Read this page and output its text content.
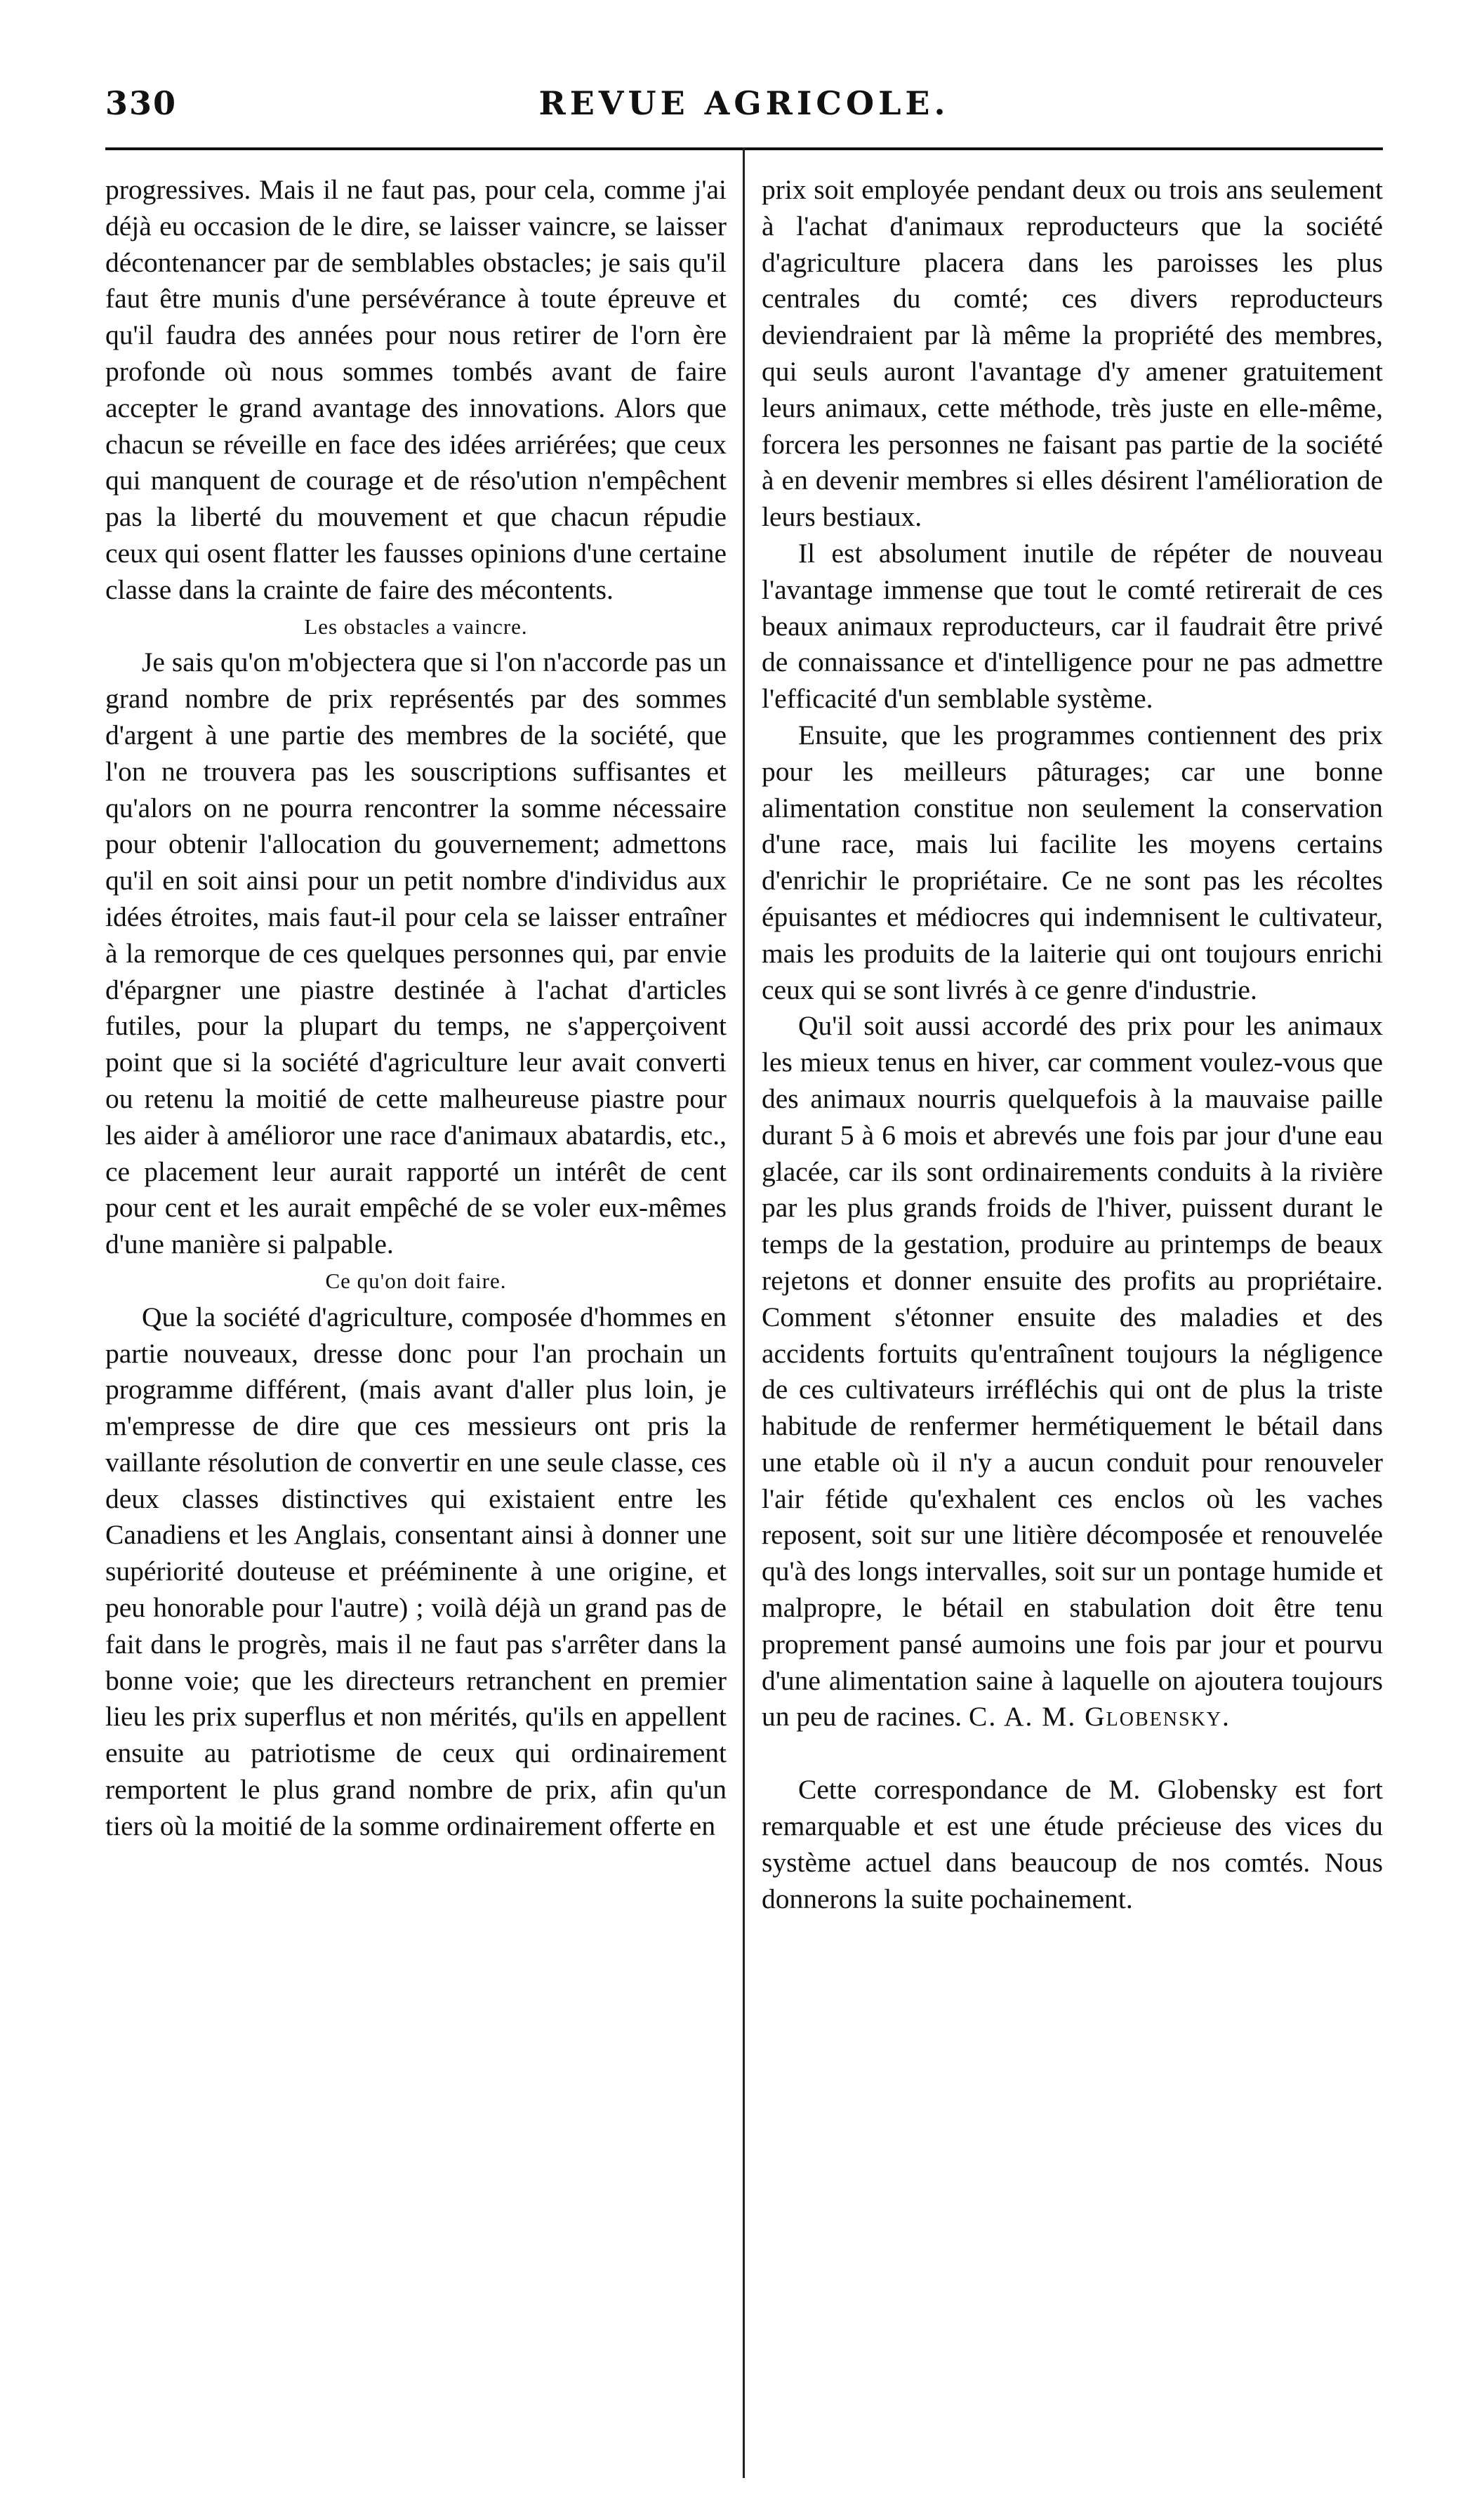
330	REVUE AGRICOLE.

progressives. Mais il ne faut pas, pour cela, comme j'ai déjà eu occasion de le dire, se laisser vaincre, se laisser décontenancer par de semblables obstacles; je sais qu'il faut être munis d'une persévérance à toute épreuve et qu'il faudra des années pour nous retirer de l'orn ère profonde où nous sommes tombés avant de faire accepter le grand avantage des innovations. Alors que chacun se réveille en face des idées arriérées; que ceux qui manquent de courage et de réso'ution n'empêchent pas la liberté du mouvement et que chacun répudie ceux qui osent flatter les fausses opinions d'une certaine classe dans la crainte de faire des mécontents.

Les obstacles a vaincre.

Je sais qu'on m'objectera que si l'on n'accorde pas un grand nombre de prix représentés par des sommes d'argent à une partie des membres de la société, que l'on ne trouvera pas les souscriptions suffisantes et qu'alors on ne pourra rencontrer la somme nécessaire pour obtenir l'allocation du gouvernement; admettons qu'il en soit ainsi pour un petit nombre d'individus aux idées étroites, mais faut-il pour cela se laisser entraîner à la remorque de ces quelques personnes qui, par envie d'épargner une piastre destinée à l'achat d'articles futiles, pour la plupart du temps, ne s'apperçoivent point que si la société d'agriculture leur avait converti ou retenu la moitié de cette malheureuse piastre pour les aider à amélioror une race d'animaux abatardis, etc., ce placement leur aurait rapporté un intérêt de cent pour cent et les aurait empêché de se voler eux-mêmes d'une manière si palpable.

Ce qu'on doit faire.

Que la société d'agriculture, composée d'hommes en partie nouveaux, dresse donc pour l'an prochain un programme différent, (mais avant d'aller plus loin, je m'empresse de dire que ces messieurs ont pris la vaillante résolution de convertir en une seule classe, ces deux classes distinctives qui existaient entre les Canadiens et les Anglais, consentant ainsi à donner une supériorité douteuse et prééminente à une origine, et peu honorable pour l'autre) ; voilà déjà un grand pas de fait dans le progrès, mais il ne faut pas s'arrêter dans la bonne voie; que les directeurs retranchent en premier lieu les prix superflus et non mérités, qu'ils en appellent ensuite au patriotisme de ceux qui ordinairement remportent le plus grand nombre de prix, afin qu'un tiers où la moitié de la somme ordinairement offerte en

prix soit employée pendant deux ou trois ans seulement à l'achat d'animaux reproducteurs que la société d'agriculture placera dans les paroisses les plus centrales du comté; ces divers reproducteurs deviendraient par là même la propriété des membres, qui seuls auront l'avantage d'y amener gratuitement leurs animaux, cette méthode, très juste en elle-même, forcera les personnes ne faisant pas partie de la société à en devenir membres si elles désirent l'amélioration de leurs bestiaux.

Il est absolument inutile de répéter de nouveau l'avantage immense que tout le comté retirerait de ces beaux animaux reproducteurs, car il faudrait être privé de connaissance et d'intelligence pour ne pas admettre l'efficacité d'un semblable système.

Ensuite, que les programmes contiennent des prix pour les meilleurs pâturages; car une bonne alimentation constitue non seulement la conservation d'une race, mais lui facilite les moyens certains d'enrichir le propriétaire. Ce ne sont pas les récoltes épuisantes et médiocres qui indemnisent le cultivateur, mais les produits de la laiterie qui ont toujours enrichi ceux qui se sont livrés à ce genre d'industrie.

Qu'il soit aussi accordé des prix pour les animaux les mieux tenus en hiver, car comment voulez-vous que des animaux nourris quelquefois à la mauvaise paille durant 5 à 6 mois et abrevés une fois par jour d'une eau glacée, car ils sont ordinairements conduits à la rivière par les plus grands froids de l'hiver, puissent durant le temps de la gestation, produire au printemps de beaux rejetons et donner ensuite des profits au propriétaire. Comment s'étonner ensuite des maladies et des accidents fortuits qu'entraînent toujours la négligence de ces cultivateurs irréfléchis qui ont de plus la triste habitude de renfermer hermétiquement le bétail dans une etable où il n'y a aucun conduit pour renouveler l'air fétide qu'exhalent ces enclos où les vaches reposent, soit sur une litière décomposée et renouvelée qu'à des longs intervalles, soit sur un pontage humide et malpropre, le bétail en stabulation doit être tenu proprement pansé aumoins une fois par jour et pourvu d'une alimentation saine à laquelle on ajoutera toujours un peu de racines. C. A. M. Globensky.

Cette correspondance de M. Globensky est fort remarquable et est une étude précieuse des vices du système actuel dans beaucoup de nos comtés. Nous donnerons la suite pochainement.
